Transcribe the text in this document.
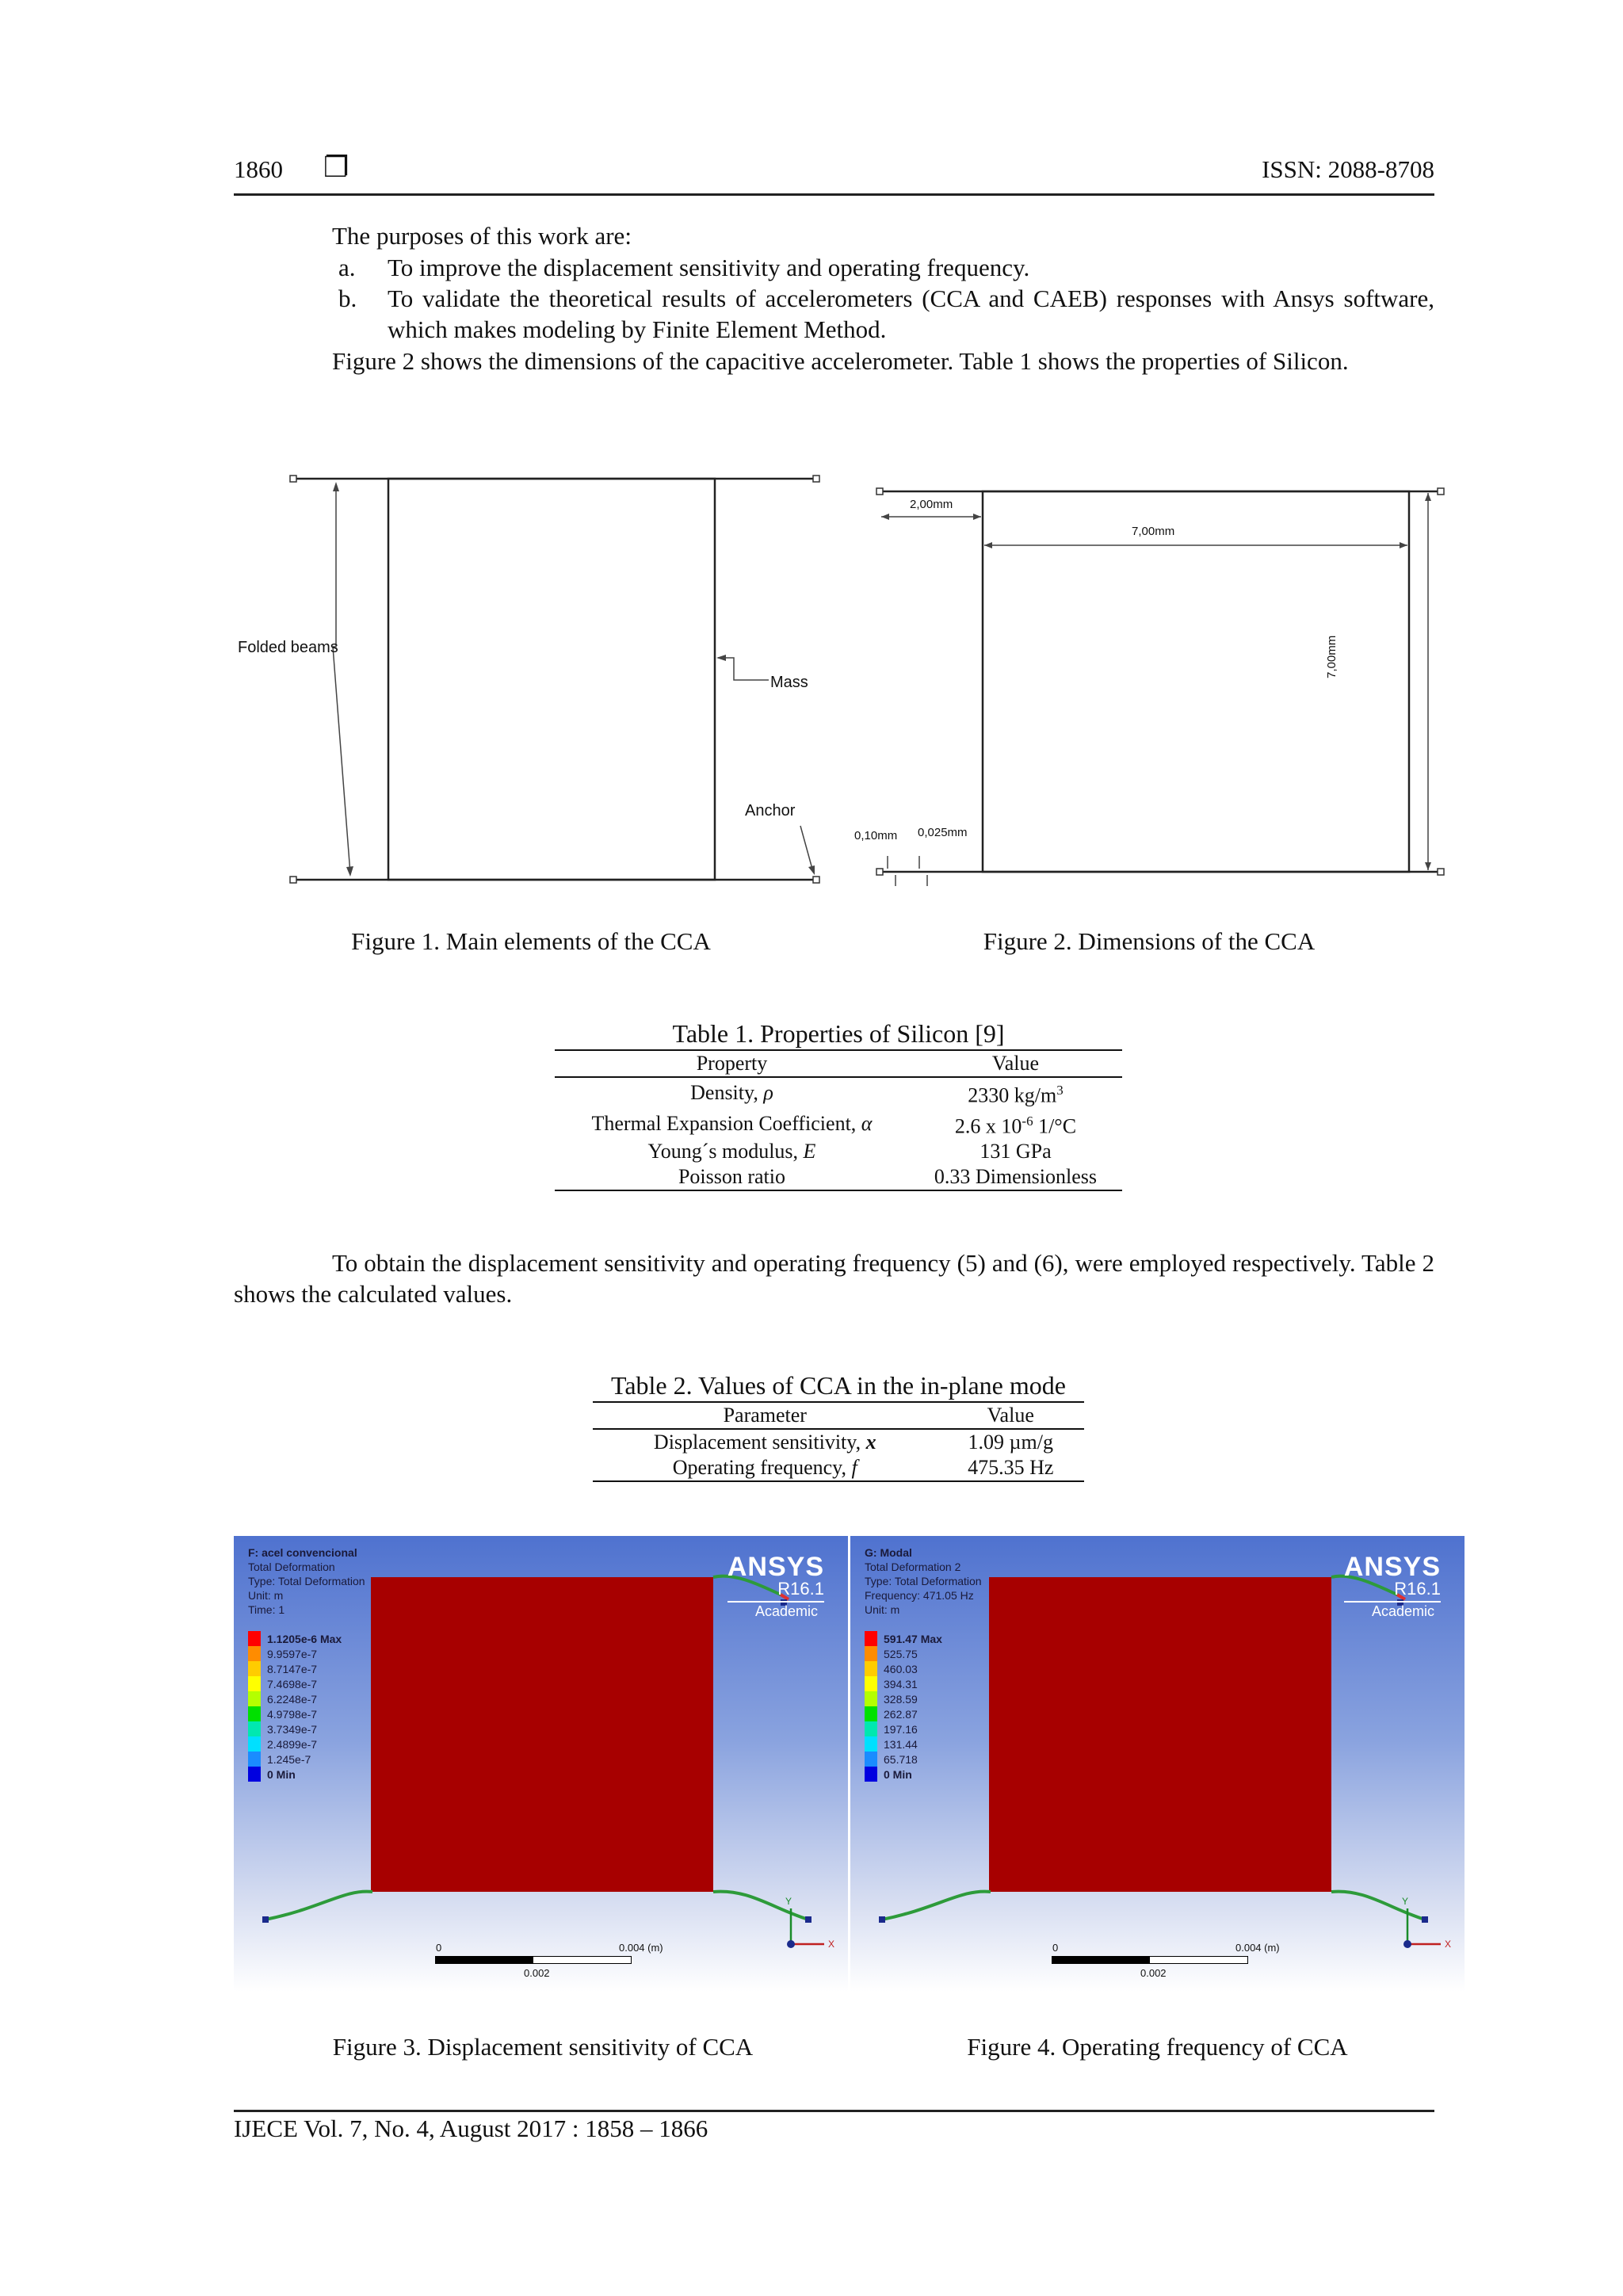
1860 ❐	ISSN: 2088-8708
The purposes of this work are:
a. To improve the displacement sensitivity and operating frequency.
b. To validate the theoretical results of accelerometers (CCA and CAEB) responses with Ansys software, which makes modeling by Finite Element Method.
Figure 2 shows the dimensions of the capacitive accelerometer. Table 1 shows the properties of Silicon.
Folded beams
Mass
Anchor
Figure 1. Main elements of the CCA
2,00mm
7,00mm
7,00mm
0,10mm 0,025mm
Figure 2. Dimensions of the CCA
Table 1. Properties of Silicon [9]
Property	Value
Density, ρ	2330 $kg/m^3$
Thermal Expansion Coefficient, α	2.6 x $10^{-6}$ 1/°C
Young´s modulus, E	131 GPa
Poisson ratio	0.33 Dimensionless
To obtain the displacement sensitivity and operating frequency (5) and (6), were employed respectively. Table 2 shows the calculated values.
Table 2. Values of CCA in the in-plane mode
Parameter	Value
Displacement sensitivity, x	1.09 µm/g
Operating frequency, f	475.35 Hz
F: acel convencional
Total Deformation
Type: Total Deformation
Unit: m
Time: 1
1.1205e-6 Max
9.9597e-7
8.7147e-7
7.4698e-7
6.2248e-7
4.9798e-7
3.7349e-7
2.4899e-7
1.245e-7
0 Min
ANSYS
R16.1
Academic
0	0.004 (m)
0.002
Y
X
Figure 3. Displacement sensitivity of CCA
G: Modal
Total Deformation 2
Type: Total Deformation
Frequency: 471.05 Hz
Unit: m
591.47 Max
525.75
460.03
394.31
328.59
262.87
197.16
131.44
65.718
0 Min
ANSYS
R16.1
Academic
0	0.004 (m)
0.002
Y
X
Figure 4. Operating frequency of CCA
IJECE Vol. 7, No. 4, August 2017 : 1858 – 1866
